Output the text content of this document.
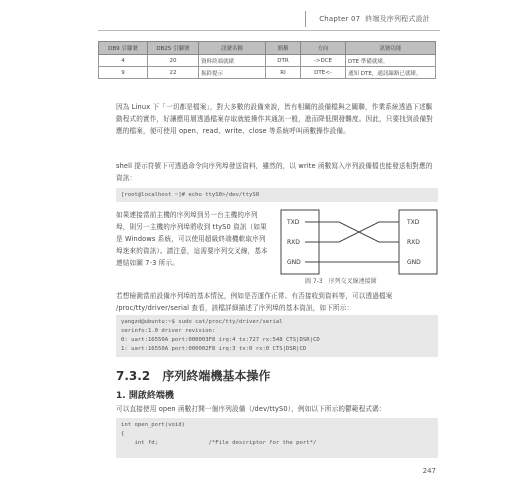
Chapter 07 終端及序列程式設計
DB9 引腳號	DB25 引腳號	訊號名稱	簡稱	方向	訊號功能
4	20	資料終端就緒	DTR	->DCE	DTE 準備就緒。
9	22	振鈴提示	RI	DTE<-	通知 DTE，通訊線路已就緒。
因為 Linux 下「一切都是檔案」，對大多數的設備來說，皆有相關的設備檔與之關聯，作業系統透過下述驅動程式的實作，好讓應用層透過檔案存取就能操作其通訊一般，進而降低開發難度。因此，只要找到設備對應的檔案，便可使用 open、read、write、close 等系統呼叫函數操作設備。
shell 提示符號下可透過命令向序列埠發送資料，雖然的，以 write 函數寫入序列設備檔也能發送相對應的資訊：
[root@localhost ~]# echo ttyS0>/dev/ttyS0
如果連接當前主機的序列埠到另一台主機的序列埠，則另一主機的序列埠將收到 ttyS0 資訊（如果是 Windows 系統，可以使用超級終端機軟取序列埠迷來的資訊）。請注意，這需要序列交叉線，基本連結如圖 7-3 所示。
TXD
RXD
GND
TXD
RXD
GND
圖 7-3 序列交叉線連接圖
若想檢測當前設備序列埠的基本情況，例如是否運作正常、有否接收到資料等，可以透過檔案 /proc/tty/driver/serial 查看，該檔詳細描述了序列埠的基本資訊，如下所示：
yangzd@ubuntu:~$ sudo cat/proc/tty/driver/serial
serinfo:1.0 driver revision:
0: uart:16550A port:000003F8 irq:4 tx:727 rx:548 CTS|DSR|CD
1: uart:16550A port:000002F8 irq:3 tx:0 rx:0 CTS|DSR|CD
7.3.2 序列終端機基本操作
1. 開啟終端機
可以直接使用 open 函數打開一個序列設備（/dev/ttyS0），例如以下所示的鬱範程式碼：
int open_port(void)
{
int fd;               /*File descriptor for the port*/
247
